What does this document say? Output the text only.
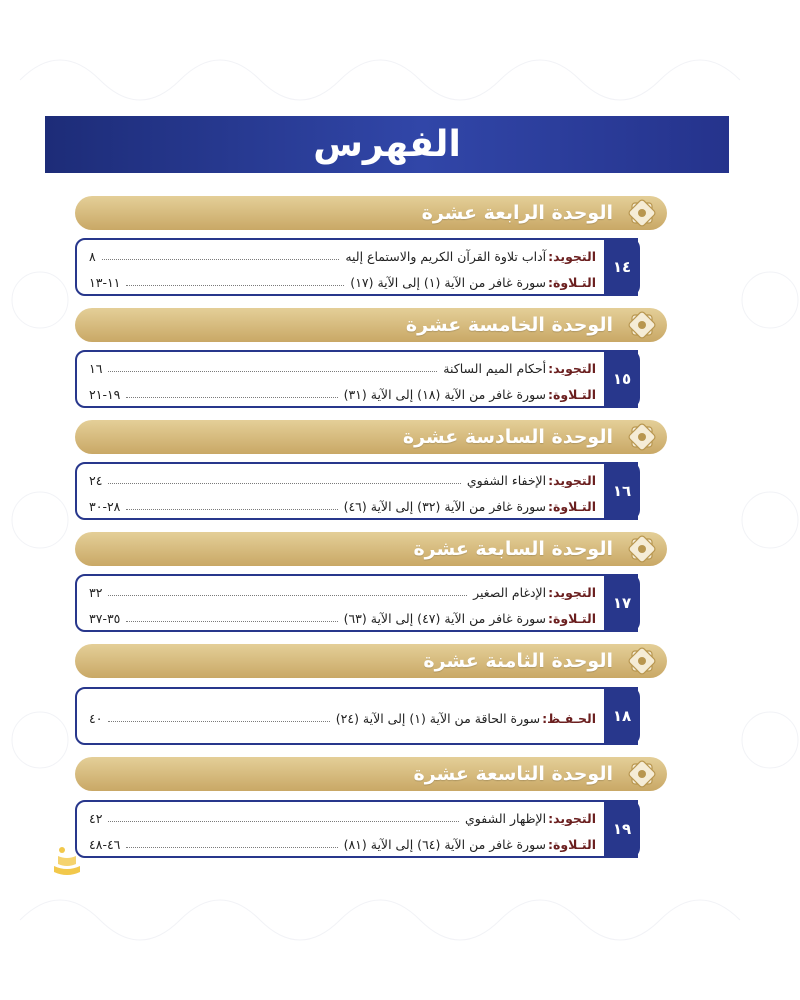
الفهرس
الوحدة الرابعة عشرة
التجويد:
آداب تلاوة القرآن الكريم والاستماع إليه
٨
التـلاوة:
سورة غافر من الآية (١) إلى الآية (١٧)
١١-١٣
١٤
الوحدة الخامسة عشرة
التجويد:
أحكام الميم الساكنة
١٦
التـلاوة:
سورة غافر من الآية (١٨) إلى الآية (٣١)
١٩-٢١
١٥
الوحدة السادسة عشرة
التجويد:
الإخفاء الشفوي
٢٤
التـلاوة:
سورة غافر من الآية (٣٢) إلى الآية (٤٦)
٢٨-٣٠
١٦
الوحدة السابعة عشرة
التجويد:
الإدغام الصغير
٣٢
التـلاوة:
سورة غافر من الآية (٤٧) إلى الآية (٦٣)
٣٥-٣٧
١٧
الوحدة الثامنة عشرة
الحـفـظ:
سورة الحاقة من الآية (١) إلى الآية (٢٤)
٤٠	١٨
الوحدة التاسعة عشرة
التجويد:
الإظهار الشفوي
٤٢
التـلاوة:
سورة غافر من الآية (٦٤) إلى الآية (٨١)
٤٦-٤٨
١٩
